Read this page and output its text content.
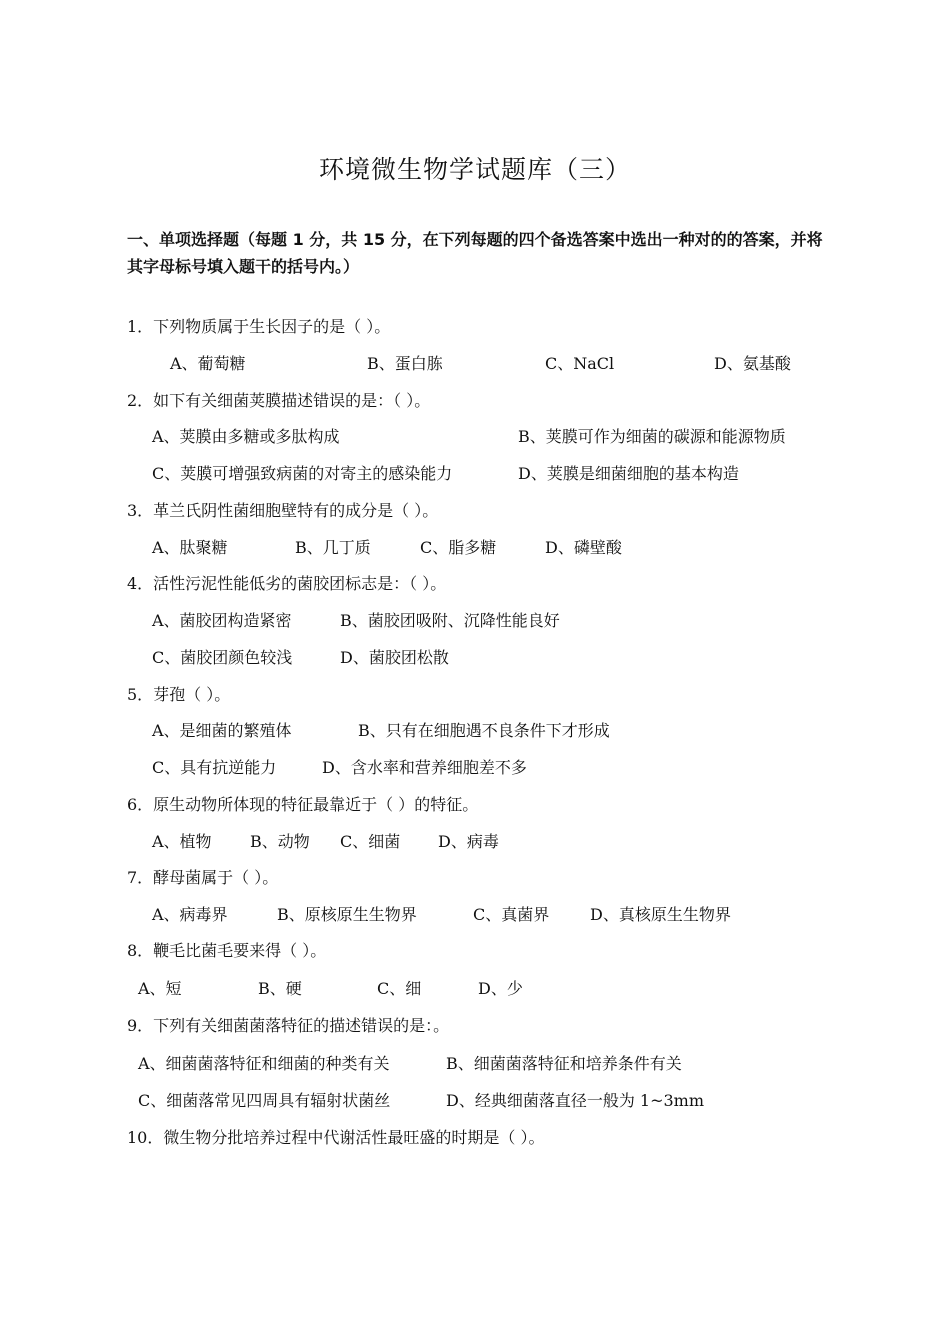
环境微生物学试题库（三）
一、单项选择题（每题 1 分，共 15 分，在下列每题的四个备选答案中选出一种对的的答案，并将其字母标号填入题干的括号内。）
1．下列物质属于生长因子的是（ ）。
A、葡萄糖	B、蛋白胨	C、NaCl	D、氨基酸
2．如下有关细菌荚膜描述错误的是：（ ）。
A、荚膜由多糖或多肽构成	B、荚膜可作为细菌的碳源和能源物质
C、荚膜可增强致病菌的对寄主的感染能力	D、荚膜是细菌细胞的基本构造
3．革兰氏阴性菌细胞壁特有的成分是（ ）。
A、肽聚糖	B、几丁质	C、脂多糖	D、磷壁酸
4．活性污泥性能低劣的菌胶团标志是：（ ）。
A、菌胶团构造紧密	B、菌胶团吸附、沉降性能良好
C、菌胶团颜色较浅	D、菌胶团松散
5．芽孢（ ）。
A、是细菌的繁殖体	B、只有在细胞遇不良条件下才形成
C、具有抗逆能力	D、含水率和营养细胞差不多
6．原生动物所体现的特征最靠近于（ ）的特征。
A、植物 B、动物 C、细菌 D、病毒
7．酵母菌属于（ ）。
A、病毒界	B、原核原生生物界	C、真菌界	D、真核原生生物界
8．鞭毛比菌毛要来得（ ）。
A、短	B、硬	C、细	D、少
9．下列有关细菌菌落特征的描述错误的是：。
A、细菌菌落特征和细菌的种类有关	B、细菌菌落特征和培养条件有关
C、细菌落常见四周具有辐射状菌丝	D、经典细菌落直径一般为 1~3mm
10．微生物分批培养过程中代谢活性最旺盛的时期是（ ）。
